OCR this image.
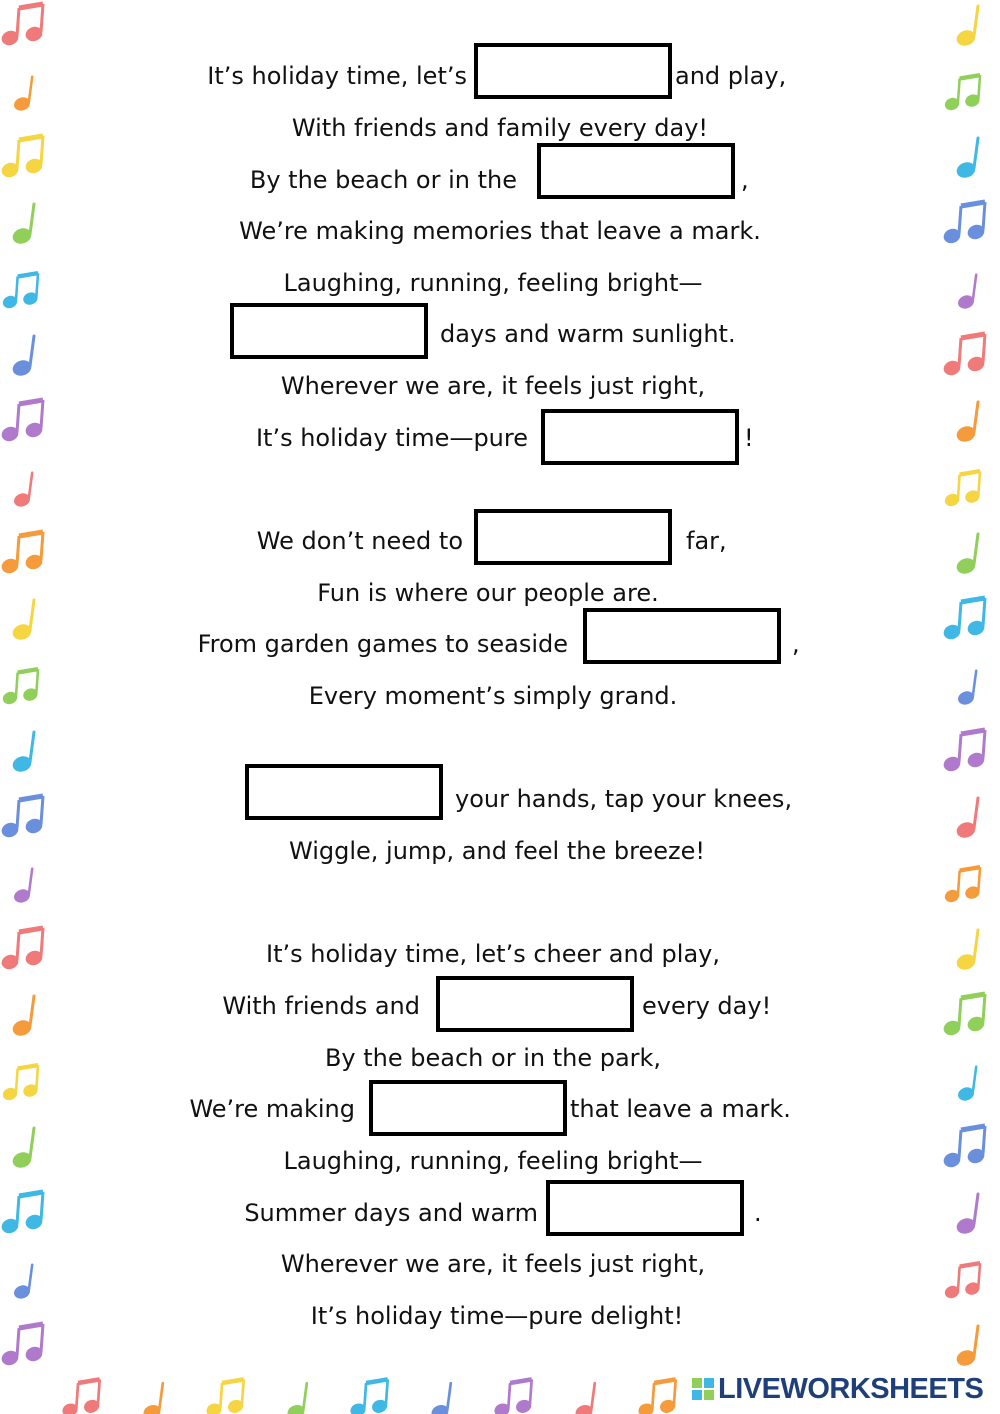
It’s holiday time, let’s	and play,
With friends and family every day!
By the beach or in the	,
We’re making memories that leave a mark.
Laughing, running, feeling bright—
days and warm sunlight.
Wherever we are, it feels just right,
It’s holiday time—pure	!
We don’t need to	far,
Fun is where our people are.
From garden games to seaside	,
Every moment’s simply grand.
your hands, tap your knees,
Wiggle, jump, and feel the breeze!
It’s holiday time, let’s cheer and play,
With friends and	every day!
By the beach or in the park,
We’re making	that leave a mark.
Laughing, running, feeling bright—
Summer days and warm	.
Wherever we are, it feels just right,
It’s holiday time—pure delight!
LIVEWORKSHEETS
